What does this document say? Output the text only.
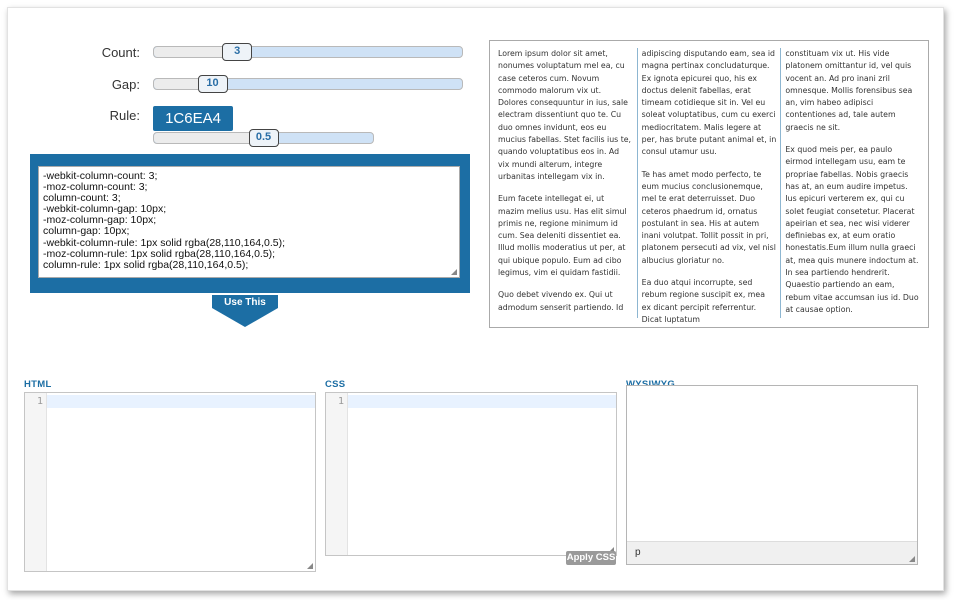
Count:	3
Gap:	10
Rule:	1C6EA4
0.5
-webkit-column-count: 3;
-moz-column-count: 3;
column-count: 3;
-webkit-column-gap: 10px;
-moz-column-gap: 10px;
column-gap: 10px;
-webkit-column-rule: 1px solid rgba(28,110,164,0.5);
-moz-column-rule: 1px solid rgba(28,110,164,0.5);
column-rule: 1px solid rgba(28,110,164,0.5);
Use This

Lorem ipsum dolor sit amet, nonumes voluptatum mel ea, cu case ceteros cum. Novum commodo malorum vix ut. Dolores consequuntur in ius, sale electram dissentiunt quo te. Cu duo omnes invidunt, eos eu mucius fabellas. Stet facilis ius te, quando voluptatibus eos in. Ad vix mundi alterum, integre urbanitas intellegam vix in.

Eum facete intellegat ei, ut mazim melius usu. Has elit simul primis ne, regione minimum id cum. Sea deleniti dissentiet ea. Illud mollis moderatius ut per, at qui ubique populo. Eum ad cibo legimus, vim ei quidam fastidii.

Quo debet vivendo ex. Qui ut admodum senserit partiendo. Id

adipiscing disputando eam, sea id magna pertinax concludaturque. Ex ignota epicurei quo, his ex doctus delenit fabellas, erat timeam cotidieque sit in. Vel eu soleat voluptatibus, cum cu exerci mediocritatem. Malis legere at per, has brute putant animal et, in consul utamur usu.

Te has amet modo perfecto, te eum mucius conclusionemque, mel te erat deterruisset. Duo ceteros phaedrum id, ornatus postulant in sea. His at autem inani volutpat. Tollit possit in pri, platonem persecuti ad vix, vel nisl albucius gloriatur no.

Ea duo atqui incorrupte, sed rebum regione suscipit ex, mea ex dicant percipit referrentur. Dicat luptatum

constituam vix ut. His vide platonem omittantur id, vel quis vocent an. Ad pro inani zril omnesque. Mollis forensibus sea an, vim habeo adipisci contentiones ad, tale autem graecis ne sit.

Ex quod meis per, ea paulo eirmod intellegam usu, eam te propriae fabellas. Nobis graecis has at, an eum audire impetus. Ius epicuri verterem ex, qui cu solet feugiat consetetur. Placerat apeirian et sea, nec wisi viderer definiebas ex, at eum oratio honestatis.Eum illum nulla graeci at, mea quis munere indoctum at. In sea partiendo hendrerit. Quaestio partiendo an eam, rebum vitae accumsan ius id. Duo at causae option.

HTML
1
CSS
1
Apply CSS p
